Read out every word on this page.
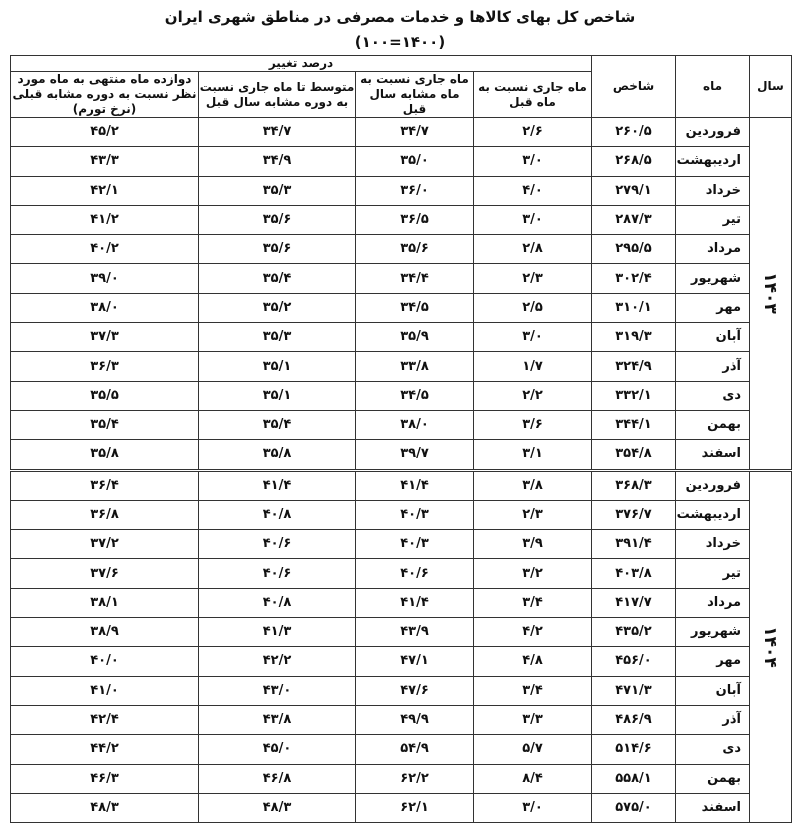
شاخص کل بهای کالاها و خدمات مصرفی در مناطق شهری ایران
(۱۴۰۰=۱۰۰)
سال	ماه	شاخص	درصد تغییر			
			ماه جاری نسبت به ماه قبل	ماه جاری نسبت به ماه مشابه سال قبل	متوسط تا ماه جاری نسبت به دوره مشابه سال قبل	دوازده ماه منتهی به ماه مورد نظر نسبت به دوره مشابه قبلی (نرخ تورم)
۱۴۰۳	فروردین	۲۶۰/۵	۲/۶	۳۴/۷	۳۴/۷	۴۵/۲
	اردیبهشت	۲۶۸/۵	۳/۰	۳۵/۰	۳۴/۹	۴۳/۳
	خرداد	۲۷۹/۱	۴/۰	۳۶/۰	۳۵/۳	۴۲/۱
	تیر	۲۸۷/۳	۳/۰	۳۶/۵	۳۵/۶	۴۱/۲
	مرداد	۲۹۵/۵	۲/۸	۳۵/۶	۳۵/۶	۴۰/۲
	شهریور	۳۰۲/۴	۲/۳	۳۴/۴	۳۵/۴	۳۹/۰
	مهر	۳۱۰/۱	۲/۵	۳۴/۵	۳۵/۲	۳۸/۰
	آبان	۳۱۹/۳	۳/۰	۳۵/۹	۳۵/۳	۳۷/۳
	آذر	۳۲۴/۹	۱/۷	۳۳/۸	۳۵/۱	۳۶/۳
	دی	۳۳۲/۱	۲/۲	۳۴/۵	۳۵/۱	۳۵/۵
	بهمن	۳۴۴/۱	۳/۶	۳۸/۰	۳۵/۴	۳۵/۴
	اسفند	۳۵۴/۸	۳/۱	۳۹/۷	۳۵/۸	۳۵/۸
۱۴۰۴	فروردین	۳۶۸/۳	۳/۸	۴۱/۴	۴۱/۴	۳۶/۴
	اردیبهشت	۳۷۶/۷	۲/۳	۴۰/۳	۴۰/۸	۳۶/۸
	خرداد	۳۹۱/۴	۳/۹	۴۰/۳	۴۰/۶	۳۷/۲
	تیر	۴۰۳/۸	۳/۲	۴۰/۶	۴۰/۶	۳۷/۶
	مرداد	۴۱۷/۷	۳/۴	۴۱/۴	۴۰/۸	۳۸/۱
	شهریور	۴۳۵/۲	۴/۲	۴۳/۹	۴۱/۳	۳۸/۹
	مهر	۴۵۶/۰	۴/۸	۴۷/۱	۴۲/۲	۴۰/۰
	آبان	۴۷۱/۳	۳/۴	۴۷/۶	۴۳/۰	۴۱/۰
	آذر	۴۸۶/۹	۳/۳	۴۹/۹	۴۳/۸	۴۲/۴
	دی	۵۱۴/۶	۵/۷	۵۴/۹	۴۵/۰	۴۴/۲
	بهمن	۵۵۸/۱	۸/۴	۶۲/۲	۴۶/۸	۴۶/۳
	اسفند	۵۷۵/۰	۳/۰	۶۲/۱	۴۸/۳	۴۸/۳
